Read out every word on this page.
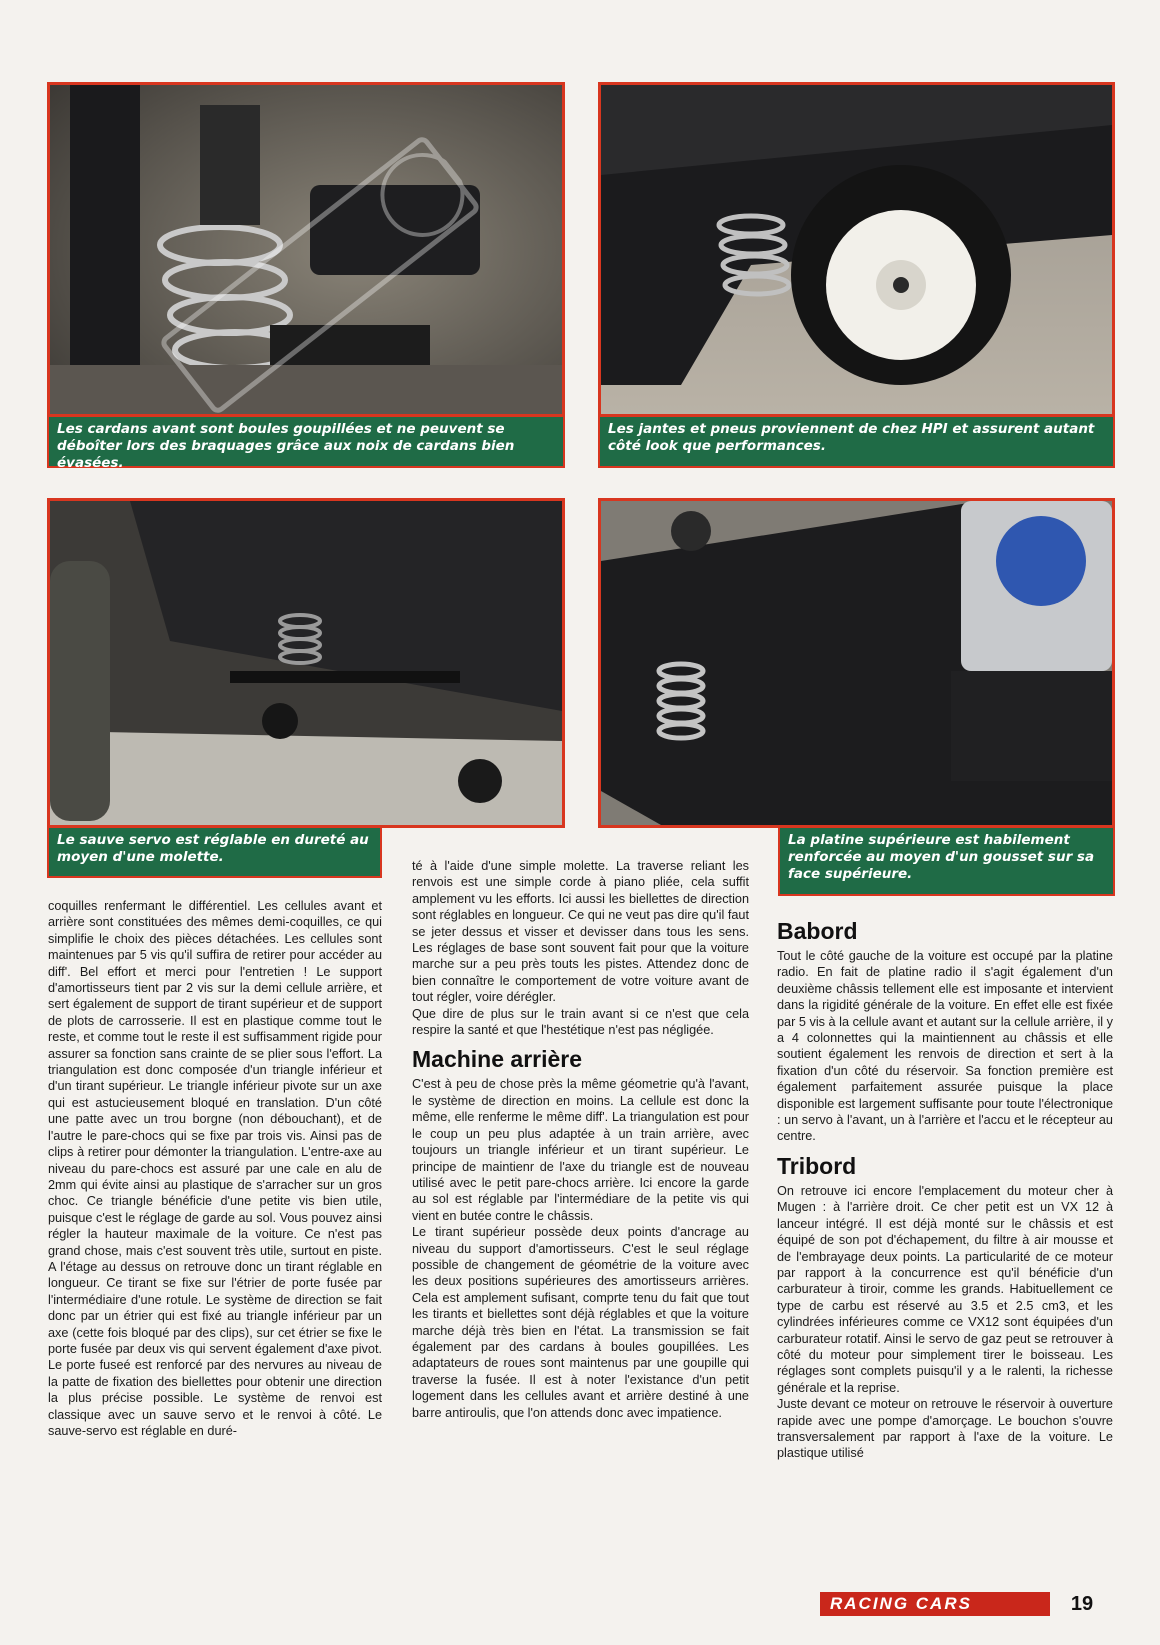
Les cardans avant sont boules goupillées et ne peuvent se déboîter lors des braquages grâce aux noix de cardans bien évasées.
Les jantes et pneus proviennent de chez HPI et assurent autant côté look que performances.
Le sauve servo est réglable en dureté au moyen d'une molette.
La platine supérieure est habilement renforcée au moyen d'un gousset sur sa face supérieure.

coquilles renfermant le différentiel. Les cellules avant et arrière sont constituées des mêmes demi-coquilles, ce qui simplifie le choix des pièces détachées. Les cellules sont maintenues par 5 vis qu'il suffira de retirer pour accéder au diff'. Bel effort et merci pour l'entretien ! Le support d'amortisseurs tient par 2 vis sur la demi cellule arrière, et sert également de support de tirant supérieur et de support de plots de carrosserie. Il est en plastique comme tout le reste, et comme tout le reste il est suffisamment rigide pour assurer sa fonction sans crainte de se plier sous l'effort. La triangulation est donc composée d'un triangle inférieur et d'un tirant supérieur. Le triangle inférieur pivote sur un axe qui est astucieusement bloqué en translation. D'un côté une patte avec un trou borgne (non débouchant), et de l'autre le pare-chocs qui se fixe par trois vis. Ainsi pas de clips à retirer pour démonter la triangulation. L'entre-axe au niveau du pare-chocs est assuré par une cale en alu de 2mm qui évite ainsi au plastique de s'arracher sur un gros choc. Ce triangle bénéficie d'une petite vis bien utile, puisque c'est le réglage de garde au sol. Vous pouvez ainsi régler la hauteur maximale de la voiture. Ce n'est pas grand chose, mais c'est souvent très utile, surtout en piste. A l'étage au dessus on retrouve donc un tirant réglable en longueur. Ce tirant se fixe sur l'étrier de porte fusée par l'intermédiaire d'une rotule. Le système de direction se fait donc par un étrier qui est fixé au triangle inférieur par un axe (cette fois bloqué par des clips), sur cet étrier se fixe le porte fusée par deux vis qui servent également d'axe pivot. Le porte fuseé est renforcé par des nervures au niveau de la patte de fixation des biellettes pour obtenir une direction la plus précise possible. Le système de renvoi est classique avec un sauve servo et le renvoi à côté. Le sauve-servo est réglable en duré-

té à l'aide d'une simple molette. La traverse reliant les renvois est une simple corde à piano pliée, cela suffit amplement vu les efforts. Ici aussi les biellettes de direction sont réglables en longueur. Ce qui ne veut pas dire qu'il faut se jeter dessus et visser et devisser dans tous les sens. Les réglages de base sont souvent fait pour que la voiture marche sur a peu près touts les pistes. Attendez donc de bien connaître le comportement de votre voiture avant de tout régler, voire dérégler.

Que dire de plus sur le train avant si ce n'est que cela respire la santé et que l'hestétique n'est pas négligée.

Machine arrière

C'est à peu de chose près la même géometrie qu'à l'avant, le système de direction en moins. La cellule est donc la même, elle renferme le même diff'. La triangulation est pour le coup un peu plus adaptée à un train arrière, avec toujours un triangle inférieur et un tirant supérieur. Le principe de maintienr de l'axe du triangle est de nouveau utilisé avec le petit pare-chocs arrière. Ici encore la garde au sol est réglable par l'intermédiare de la petite vis qui vient en butée contre le châssis.

Le tirant supérieur possède deux points d'ancrage au niveau du support d'amortisseurs. C'est le seul réglage possible de changement de géométrie de la voiture avec les deux positions supérieures des amortisseurs arrières. Cela est amplement sufisant, comprte tenu du fait que tout les tirants et biellettes sont déjà réglables et que la voiture marche déjà très bien en l'état. La transmission se fait également par des cardans à boules goupillées. Les adaptateurs de roues sont maintenus par une goupille qui traverse la fusée. Il est à noter l'existance d'un petit logement dans les cellules avant et arrière destiné à une barre antiroulis, que l'on attends donc avec impatience.

Babord

Tout le côté gauche de la voiture est occupé par la platine radio. En fait de platine radio il s'agit également d'un deuxième châssis tellement elle est imposante et intervient dans la rigidité générale de la voiture. En effet elle est fixée par 5 vis à la cellule avant et autant sur la cellule arrière, il y a 4 colonnettes qui la maintiennent au châssis et elle soutient également les renvois de direction et sert à la fixation d'un côté du réservoir. Sa fonction première est également parfaitement assurée puisque la place disponible est largement suffisante pour toute l'électronique : un servo à l'avant, un à l'arrière et l'accu et le récepteur au centre.

Tribord

On retrouve ici encore l'emplacement du moteur cher à Mugen : à l'arrière droit. Ce cher petit est un VX 12 à lanceur intégré. Il est déjà monté sur le châssis et est équipé de son pot d'échapement, du filtre à air mousse et de l'embrayage deux points. La particularité de ce moteur par rapport à la concurrence est qu'il bénéficie d'un carburateur à tiroir, comme les grands. Habituellement ce type de carbu est réservé au 3.5 et 2.5 cm3, et les cylindrées inférieures comme ce VX12 sont équipées d'un carburateur rotatif. Ainsi le servo de gaz peut se retrouver à côté du moteur pour simplement tirer le boisseau. Les réglages sont complets puisqu'il y a le ralenti, la richesse générale et la reprise.

Juste devant ce moteur on retrouve le réservoir à ouverture rapide avec une pompe d'amorçage. Le bouchon s'ouvre transversalement par rapport à l'axe de la voiture. Le plastique utilisé

RACING CARS	19
